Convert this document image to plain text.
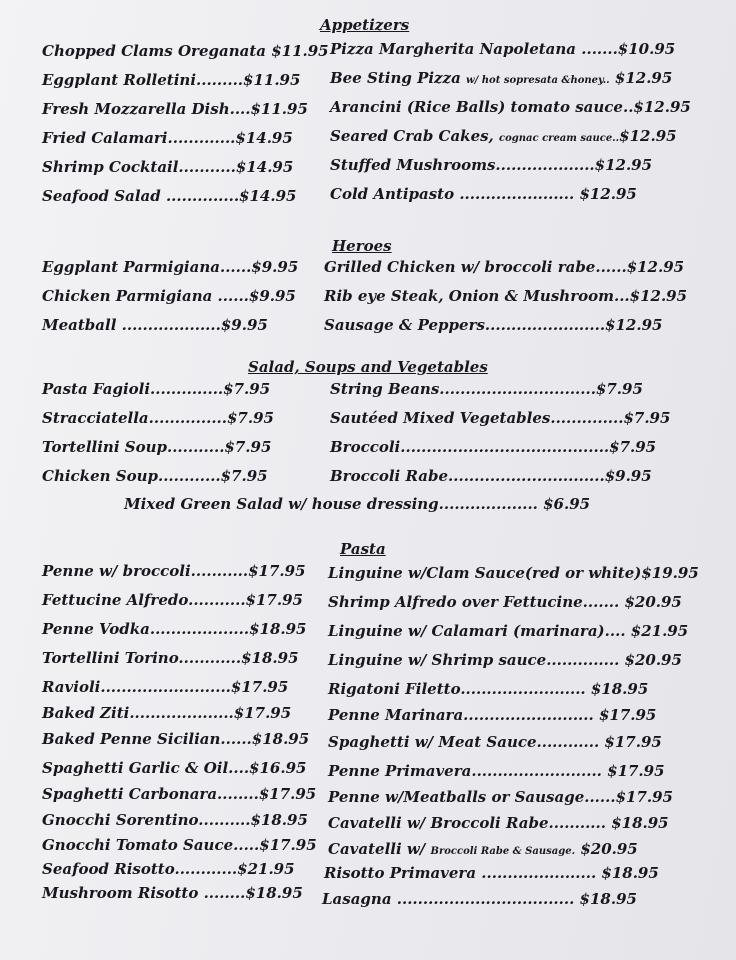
Appetizers
Chopped Clams Oreganata $11.95
Eggplant Rolletini.........$11.95
Fresh Mozzarella Dish....$11.95
Fried Calamari.............$14.95
Shrimp Cocktail...........$14.95
Seafood Salad ..............$14.95
Pizza Margherita Napoletana .......$10.95
Bee Sting Pizza w/ hot sopresata &honey.. $12.95
Arancini (Rice Balls) tomato sauce..$12.95
Seared Crab Cakes, cognac cream sauce..$12.95
Stuffed Mushrooms...................$12.95
Cold Antipasto ...................... $12.95
Heroes
Eggplant Parmigiana......$9.95
Chicken Parmigiana ......$9.95
Meatball ...................$9.95
Grilled Chicken w/ broccoli rabe......$12.95
Rib eye Steak, Onion & Mushroom...$12.95
Sausage & Peppers.......................$12.95
Salad, Soups and Vegetables
Pasta Fagioli..............$7.95
Stracciatella...............$7.95
Tortellini Soup...........$7.95
Chicken Soup............$7.95
String Beans..............................$7.95
Sautéed Mixed Vegetables..............$7.95
Broccoli........................................$7.95
Broccoli Rabe..............................$9.95
Mixed Green Salad w/ house dressing................... $6.95
Pasta
Penne w/ broccoli...........$17.95
Fettucine Alfredo...........$17.95
Penne Vodka...................$18.95
Tortellini Torino............$18.95
Ravioli.........................$17.95
Baked Ziti....................$17.95
Baked Penne Sicilian......$18.95
Spaghetti Garlic & Oil....$16.95
Spaghetti Carbonara........$17.95
Gnocchi Sorentino..........$18.95
Gnocchi Tomato Sauce.....$17.95
Seafood Risotto............$21.95
Mushroom Risotto ........$18.95
Linguine w/Clam Sauce(red or white)$19.95
Shrimp Alfredo over Fettucine....... $20.95
Linguine w/ Calamari (marinara).... $21.95
Linguine w/ Shrimp sauce.............. $20.95
Rigatoni Filetto........................ $18.95
Penne Marinara......................... $17.95
Spaghetti w/ Meat Sauce............ $17.95
Penne Primavera......................... $17.95
Penne w/Meatballs or Sausage......$17.95
Cavatelli w/ Broccoli Rabe........... $18.95
Cavatelli w/ Broccoli Rabe & Sausage. $20.95
Risotto Primavera ...................... $18.95
Lasagna .................................. $18.95
